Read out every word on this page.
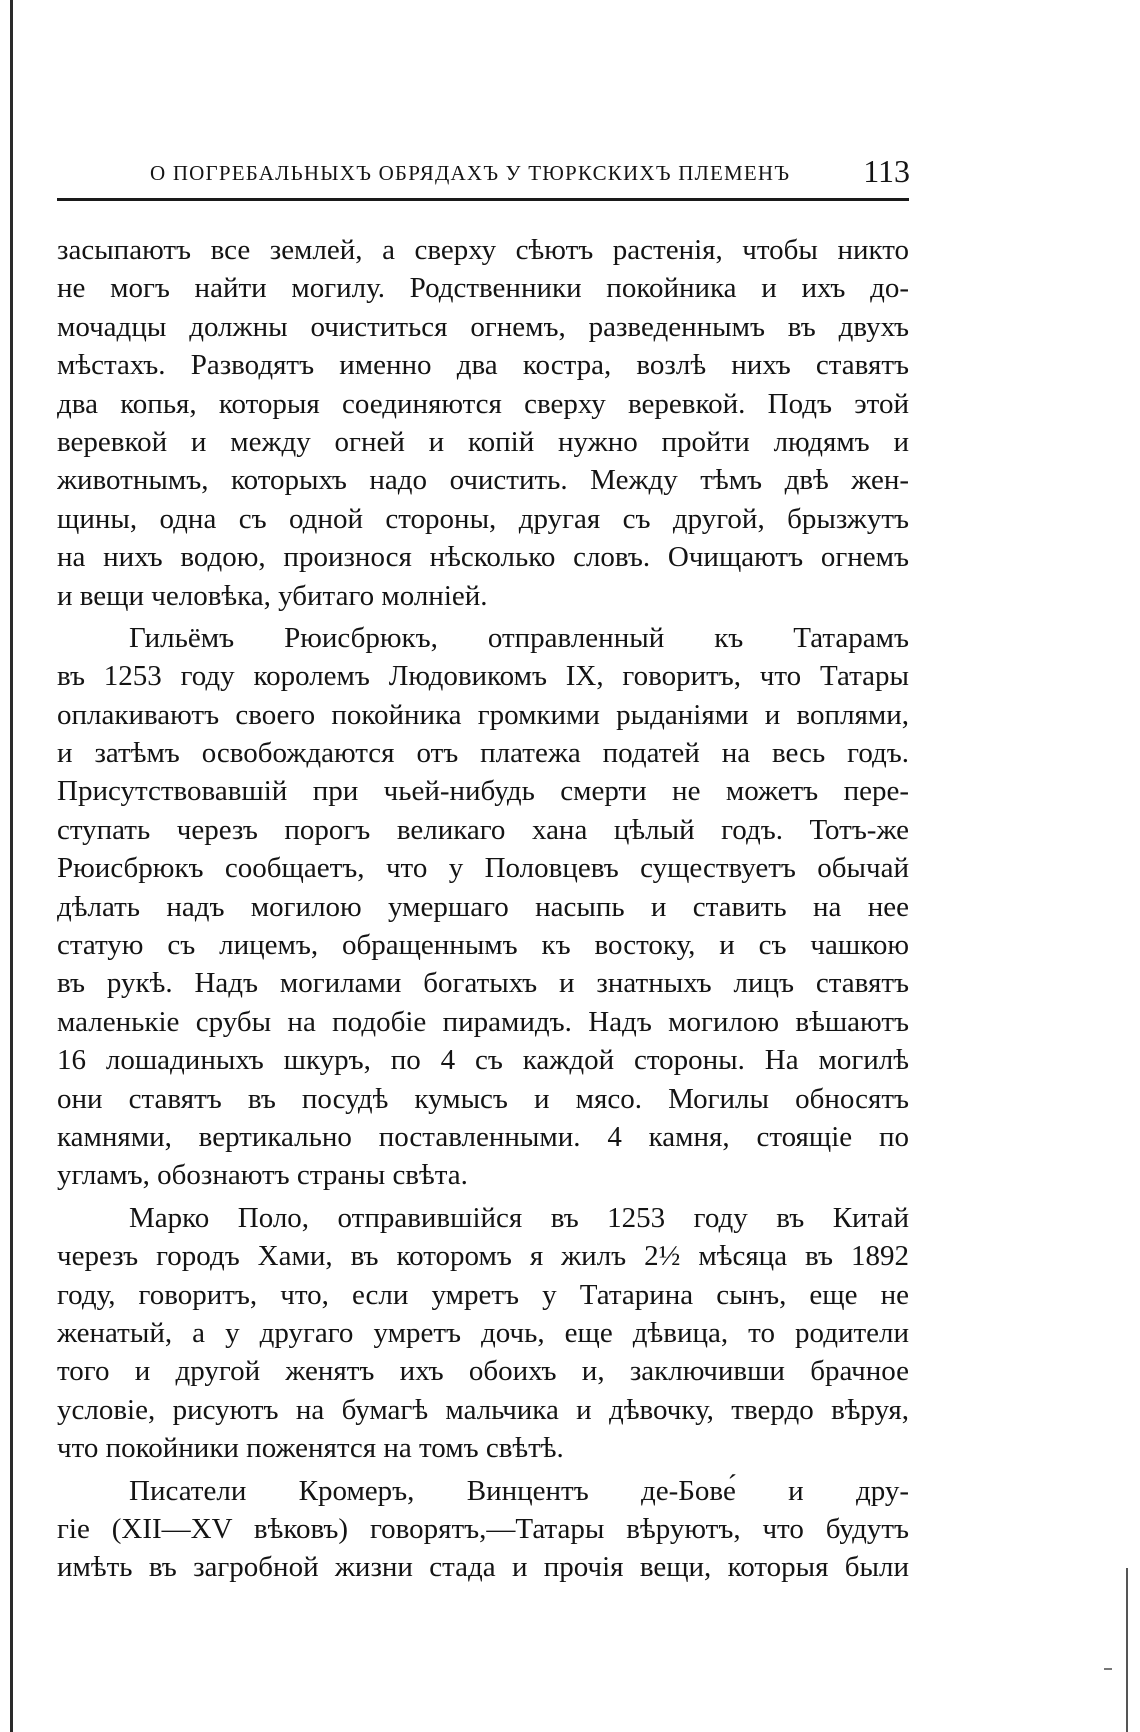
О ПОГРЕБАЛЬНЫХЪ ОБРЯДАХЪ У ТЮРКСКИХЪ ПЛЕМЕНЪ 113
засыпаютъ все землей, а сверху сѣютъ растенія, чтобы никто
не могъ найти могилу. Родственники покойника и ихъ до-
мочадцы должны очиститься огнемъ, разведеннымъ въ двухъ
мѣстахъ. Разводятъ именно два костра, возлѣ нихъ ставятъ
два копья, которыя соединяются сверху веревкой. Подъ этой
веревкой и между огней и копій нужно пройти людямъ и
животнымъ, которыхъ надо очистить. Между тѣмъ двѣ жен-
щины, одна съ одной стороны, другая съ другой, брызжутъ
на нихъ водою, произнося нѣсколько словъ. Очищаютъ огнемъ
и вещи человѣка, убитаго молніей.
Гильёмъ Рюисбрюкъ, отправленный къ Татарамъ
въ 1253 году королемъ Людовикомъ IX, говоритъ, что Татары
оплакиваютъ своего покойника громкими рыданіями и воплями,
и затѣмъ освобождаются отъ платежа податей на весь годъ.
Присутствовавшій при чьей-нибудь смерти не можетъ пере-
ступать черезъ порогъ великаго хана цѣлый годъ. Тотъ-же
Рюисбрюкъ сообщаетъ, что у Половцевъ существуетъ обычай
дѣлать надъ могилою умершаго насыпь и ставить на нее
статую съ лицемъ, обращеннымъ къ востоку, и съ чашкою
въ рукѣ. Надъ могилами богатыхъ и знатныхъ лицъ ставятъ
маленькіе срубы на подобіе пирамидъ. Надъ могилою вѣшаютъ
16 лошадиныхъ шкуръ, по 4 съ каждой стороны. На могилѣ
они ставятъ въ посудѣ кумысъ и мясо. Могилы обносятъ
камнями, вертикально поставленными. 4 камня, стоящіе по
угламъ, обознаютъ страны свѣта.
Марко Поло, отправившійся въ 1253 году въ Китай
черезъ городъ Хами, въ которомъ я жилъ 2½ мѣсяца въ 1892
году, говоритъ, что, если умретъ у Татарина сынъ, еще не
женатый, а у другаго умретъ дочь, еще дѣвица, то родители
того и другой женятъ ихъ обоихъ и, заключивши брачное
условіе, рисуютъ на бумагѣ мальчика и дѣвочку, твердо вѣруя,
что покойники поженятся на томъ свѣтѣ.
Писатели Кромеръ, Винцентъ де-Бове́ и дру-
гіе (XII—XV вѣковъ) говорятъ,—Татары вѣруютъ, что будутъ
имѣть въ загробной жизни стада и прочія вещи, которыя были
